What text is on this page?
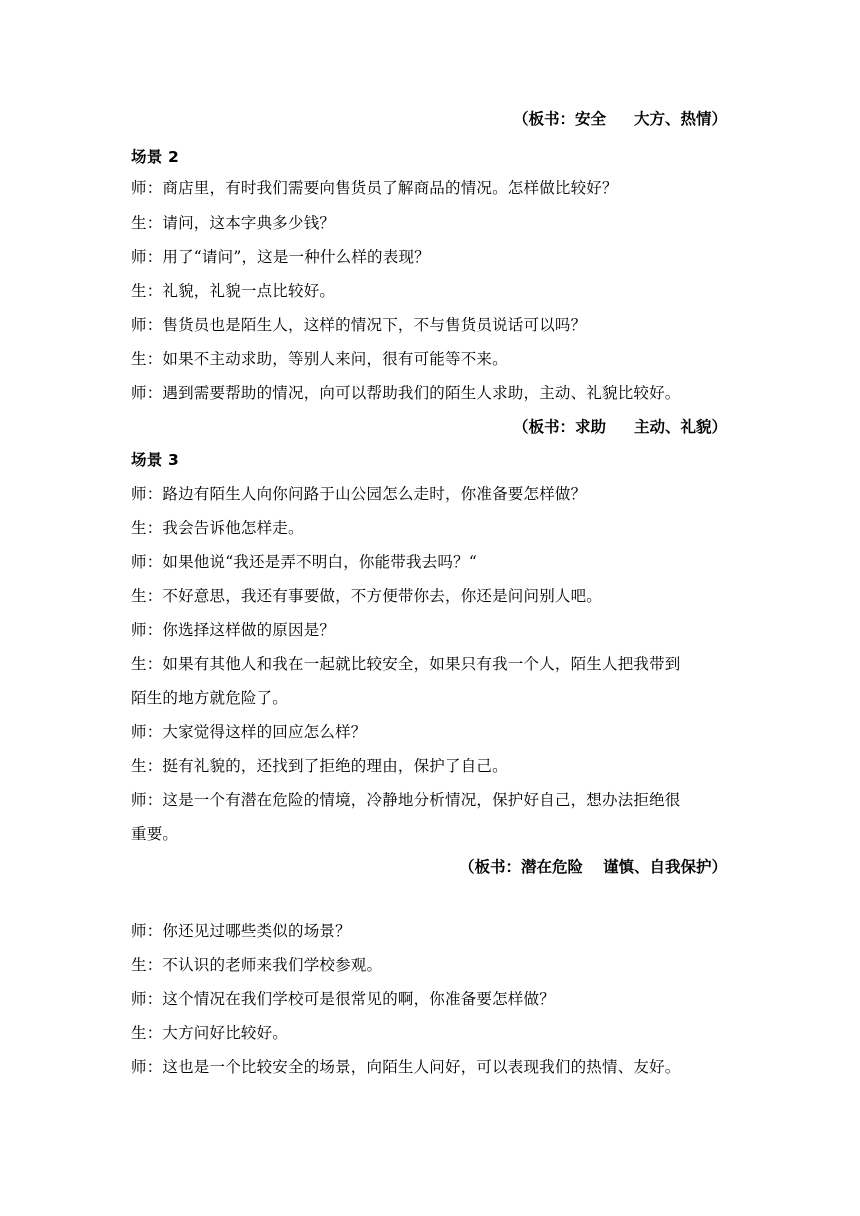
（板书：安全 大方、热情）
场景 2
师：商店里，有时我们需要向售货员了解商品的情况。怎样做比较好？
生：请问，这本字典多少钱？
师：用了“请问”，这是一种什么样的表现？
生：礼貌，礼貌一点比较好。
师：售货员也是陌生人，这样的情况下，不与售货员说话可以吗？
生：如果不主动求助，等别人来问，很有可能等不来。
师：遇到需要帮助的情况，向可以帮助我们的陌生人求助，主动、礼貌比较好。
（板书：求助 主动、礼貌）
场景 3
师：路边有陌生人向你问路于山公园怎么走时，你准备要怎样做？
生：我会告诉他怎样走。
师：如果他说“我还是弄不明白，你能带我去吗？“
生：不好意思，我还有事要做，不方便带你去，你还是问问别人吧。
师：你选择这样做的原因是？
生：如果有其他人和我在一起就比较安全，如果只有我一个人，陌生人把我带到
陌生的地方就危险了。
师：大家觉得这样的回应怎么样？
生：挺有礼貌的，还找到了拒绝的理由，保护了自己。
师：这是一个有潜在危险的情境，冷静地分析情况，保护好自己，想办法拒绝很
重要。
（板书：潜在危险 谨慎、自我保护）
师：你还见过哪些类似的场景？
生：不认识的老师来我们学校参观。
师：这个情况在我们学校可是很常见的啊，你准备要怎样做？
生：大方问好比较好。
师：这也是一个比较安全的场景，向陌生人问好，可以表现我们的热情、友好。
